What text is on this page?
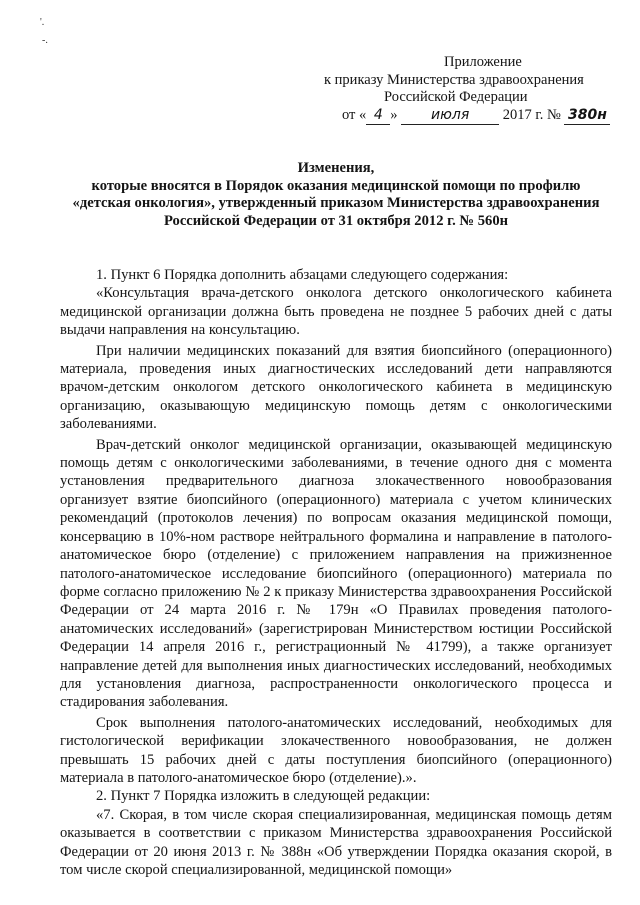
'.
-.
Приложение
к приказу Министерства здравоохранения
Российской Федерации
от « 4 » июля 2017 г. № 380н
Изменения,
которые вносятся в Порядок оказания медицинской помощи по профилю
«детская онкология», утвержденный приказом Министерства здравоохранения
Российской Федерации от 31 октября 2012 г. № 560н

1. Пункт 6 Порядка дополнить абзацами следующего содержания:

«Консультация врача-детского онколога детского онкологического кабинета медицинской организации должна быть проведена не позднее 5 рабочих дней с даты выдачи направления на консультацию.

При наличии медицинских показаний для взятия биопсийного (операционного) материала, проведения иных диагностических исследований дети направляются врачом-детским онкологом детского онкологического кабинета в медицинскую организацию, оказывающую медицинскую помощь детям с онкологическими заболеваниями.

Врач-детский онколог медицинской организации, оказывающей медицинскую помощь детям с онкологическими заболеваниями, в течение одного дня с момента установления предварительного диагноза злокачественного новообразования организует взятие биопсийного (операционного) материала с учетом клинических рекомендаций (протоколов лечения) по вопросам оказания медицинской помощи, консервацию в 10%-ном растворе нейтрального формалина и направление в патолого-анатомическое бюро (отделение) с приложением направления на прижизненное патолого-анатомическое исследование биопсийного (операционного) материала по форме согласно приложению № 2 к приказу Министерства здравоохранения Российской Федерации от 24 марта 2016 г. № 179н «О Правилах проведения патолого-анатомических исследований» (зарегистрирован Министерством юстиции Российской Федерации 14 апреля 2016 г., регистрационный № 41799), а также организует направление детей для выполнения иных диагностических исследований, необходимых для установления диагноза, распространенности онкологического процесса и стадирования заболевания.

Срок выполнения патолого-анатомических исследований, необходимых для гистологической верификации злокачественного новообразования, не должен превышать 15 рабочих дней с даты поступления биопсийного (операционного) материала в патолого-анатомическое бюро (отделение).».

2. Пункт 7 Порядка изложить в следующей редакции:

«7. Скорая, в том числе скорая специализированная, медицинская помощь детям оказывается в соответствии с приказом Министерства здравоохранения Российской Федерации от 20 июня 2013 г. № 388н «Об утверждении Порядка оказания скорой, в том числе скорой специализированной, медицинской помощи»
